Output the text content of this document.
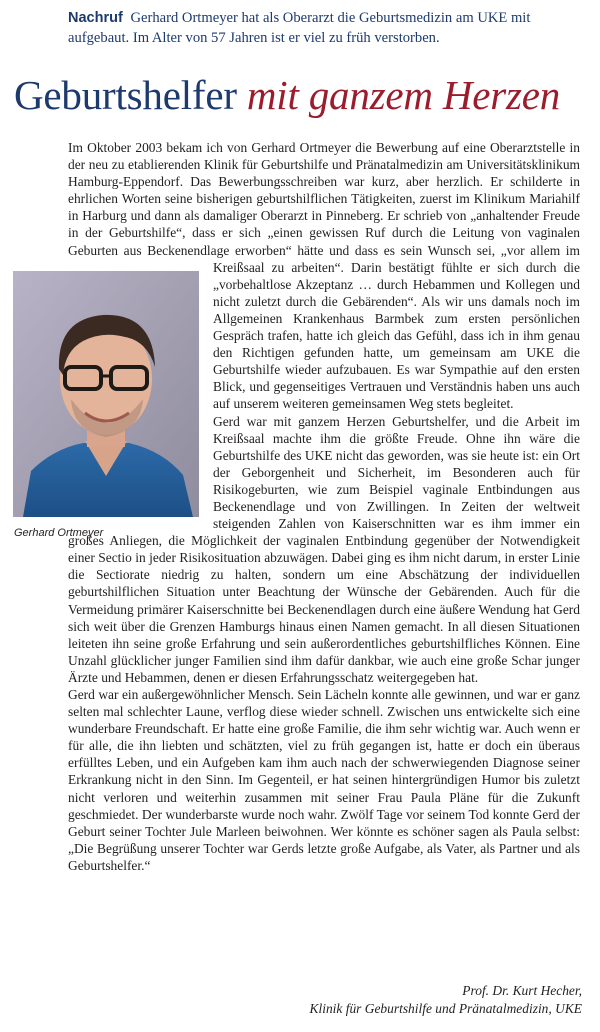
Nachruf Gerhard Ortmeyer hat als Oberarzt die Geburtsmedizin am UKE mit aufgebaut. Im Alter von 57 Jahren ist er viel zu früh verstorben.
Geburtshelfer mit ganzem Herzen

Im Oktober 2003 bekam ich von Gerhard Ortmeyer die Bewerbung auf eine Oberarztstelle in der neu zu etablierenden Klinik für Geburtshilfe und Pränatalmedizin am Universitätsklinikum Hamburg-Eppendorf. Das Bewerbungsschreiben war kurz, aber herzlich. Er schilderte in ehrlichen Worten seine bisherigen geburtshilflichen Tätigkeiten, zuerst im Klinikum Mariahilf in Harburg und dann als damaliger Oberarzt in Pinneberg. Er schrieb von „anhaltender Freude in der Geburtshilfe“, dass er sich „einen gewissen Ruf durch die Leitung von vaginalen Geburten aus Beckenendlage erworben“ hätte und dass es sein Wunsch sei, „vor allem im Kreißsaal zu arbeiten“. Darin bestätigt fühlte er sich durch die „vorbehaltlose Akzeptanz … durch Hebammen und Kollegen und nicht zuletzt durch die Gebärenden“. Als wir uns damals noch im Allgemeinen Krankenhaus Barmbek zum ersten persönlichen Gespräch trafen, hatte ich gleich das Gefühl, dass ich in ihm genau den Richtigen gefunden hatte, um gemeinsam am UKE die Geburtshilfe wieder aufzubauen. Es war Sympathie auf den ersten Blick, und gegenseitiges Vertrauen und Verständnis haben uns auch auf unserem weiteren gemeinsamen Weg stets begleitet.

Gerd war mit ganzem Herzen Geburtshelfer, und die Arbeit im Kreißsaal machte ihm die größte Freude. Ohne ihn wäre die Geburtshilfe des UKE nicht das geworden, was sie heute ist: ein Ort der Geborgenheit und Sicherheit, im Besonderen auch für Risikogeburten, wie zum Beispiel vaginale Entbindungen aus Beckenendlage und von Zwillingen. In Zeiten der weltweit steigenden Zahlen von Kaiserschnitten war es ihm immer ein großes Anliegen, die Möglichkeit der vaginalen Entbindung gegenüber der Notwendigkeit einer Sectio in jeder Risikosituation abzuwägen. Dabei ging es ihm nicht darum, in erster Linie die Sectiorate niedrig zu halten, sondern um eine Abschätzung der individuellen geburtshilflichen Situation unter Beachtung der Wünsche der Gebärenden. Auch für die Vermeidung primärer Kaiserschnitte bei Beckenendlagen durch eine äußere Wendung hat Gerd sich weit über die Grenzen Hamburgs hinaus einen Namen gemacht. In all diesen Situationen leiteten ihn seine große Erfahrung und sein außerordentliches geburtshilfliches Können. Eine Unzahl glücklicher junger Familien sind ihm dafür dankbar, wie auch eine große Schar junger Ärzte und Hebammen, denen er diesen Erfahrungsschatz weitergegeben hat.

Gerd war ein außergewöhnlicher Mensch. Sein Lächeln konnte alle gewinnen, und war er ganz selten mal schlechter Laune, verflog diese wieder schnell. Zwischen uns entwickelte sich eine wunderbare Freundschaft. Er hatte eine große Familie, die ihm sehr wichtig war. Auch wenn er für alle, die ihn liebten und schätzten, viel zu früh gegangen ist, hatte er doch ein überaus erfülltes Leben, und ein Aufgeben kam ihm auch nach der schwerwiegenden Diagnose seiner Erkrankung nicht in den Sinn. Im Gegenteil, er hat seinen hintergründigen Humor bis zuletzt nicht verloren und weiterhin zusammen mit seiner Frau Paula Pläne für die Zukunft geschmiedet. Der wunderbarste wurde noch wahr. Zwölf Tage vor seinem Tod konnte Gerd der Geburt seiner Tochter Jule Marleen beiwohnen. Wer könnte es schöner sagen als Paula selbst: „Die Begrüßung unserer Tochter war Gerds letzte große Aufgabe, als Vater, als Partner und als Geburtshelfer.“

Gerhard Ortmeyer
Prof. Dr. Kurt Hecher,
Klinik für Geburtshilfe und Pränatalmedizin, UKE
